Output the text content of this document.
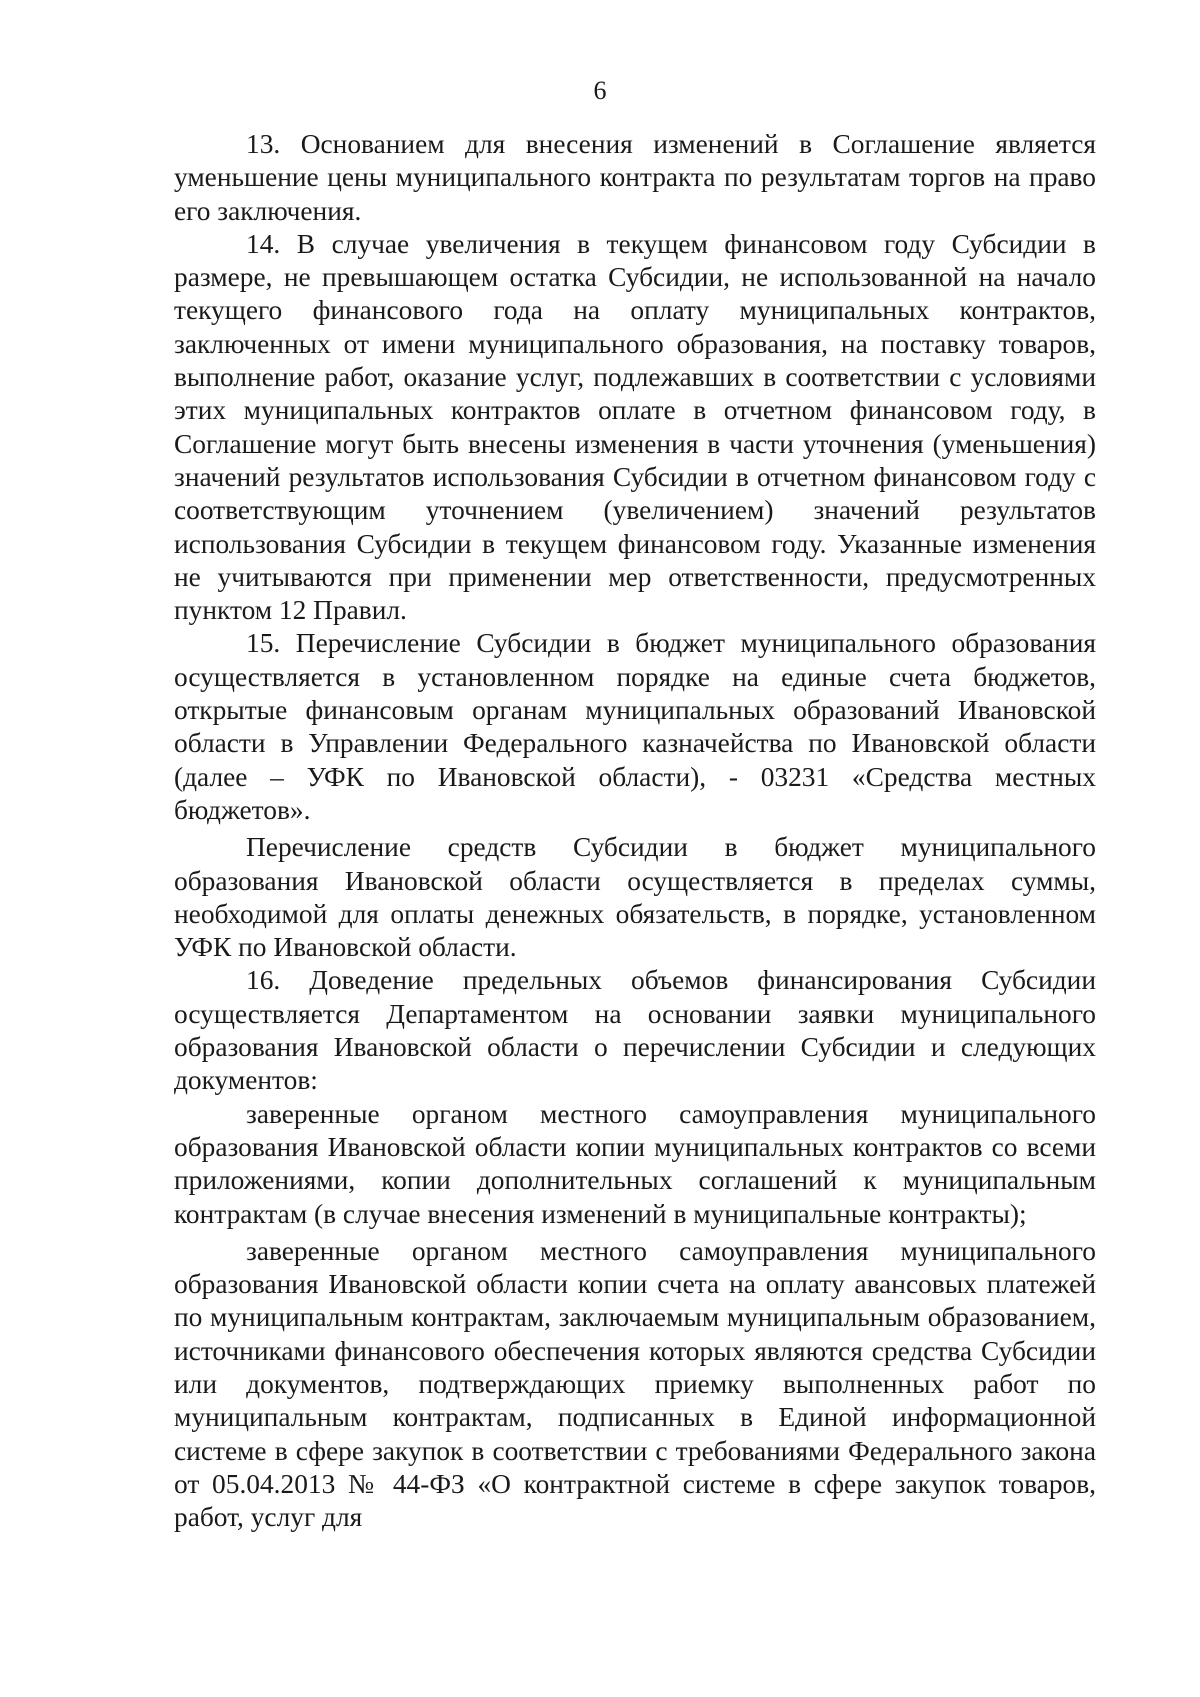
6

13. Основанием для внесения изменений в Соглашение является уменьшение цены муниципального контракта по результатам торгов на право его заключения.

14. В случае увеличения в текущем финансовом году Субсидии в размере, не превышающем остатка Субсидии, не использованной на начало текущего финансового года на оплату муниципальных контрактов, заключенных от имени муниципального образования, на поставку товаров, выполнение работ, оказание услуг, подлежавших в соответствии с условиями этих муниципальных контрактов оплате в отчетном финансовом году, в Соглашение могут быть внесены изменения в части уточнения (уменьшения) значений результатов использования Субсидии в отчетном финансовом году с соответствующим уточнением (увеличением) значений результатов использования Субсидии в текущем финансовом году. Указанные изменения не учитываются при применении мер ответственности, предусмотренных пунктом 12 Правил.

15. Перечисление Субсидии в бюджет муниципального образования осуществляется в установленном порядке на единые счета бюджетов, открытые финансовым органам муниципальных образований Ивановской области в Управлении Федерального казначейства по Ивановской области (далее – УФК по Ивановской области), - 03231 «Средства местных бюджетов».

Перечисление средств Субсидии в бюджет муниципального образования Ивановской области осуществляется в пределах суммы, необходимой для оплаты денежных обязательств, в порядке, установленном УФК по Ивановской области.

16. Доведение предельных объемов финансирования Субсидии осуществляется Департаментом на основании заявки муниципального образования Ивановской области о перечислении Субсидии и следующих документов:

заверенные органом местного самоуправления муниципального образования Ивановской области копии муниципальных контрактов со всеми приложениями, копии дополнительных соглашений к муниципальным контрактам (в случае внесения изменений в муниципальные контракты);

заверенные органом местного самоуправления муниципального образования Ивановской области копии счета на оплату авансовых платежей по муниципальным контрактам, заключаемым муниципальным образованием, источниками финансового обеспечения которых являются средства Субсидии или документов, подтверждающих приемку выполненных работ по муниципальным контрактам, подписанных в Единой информационной системе в сфере закупок в соответствии с требованиями Федерального закона от 05.04.2013 № 44-ФЗ «О контрактной системе в сфере закупок товаров, работ, услуг для
